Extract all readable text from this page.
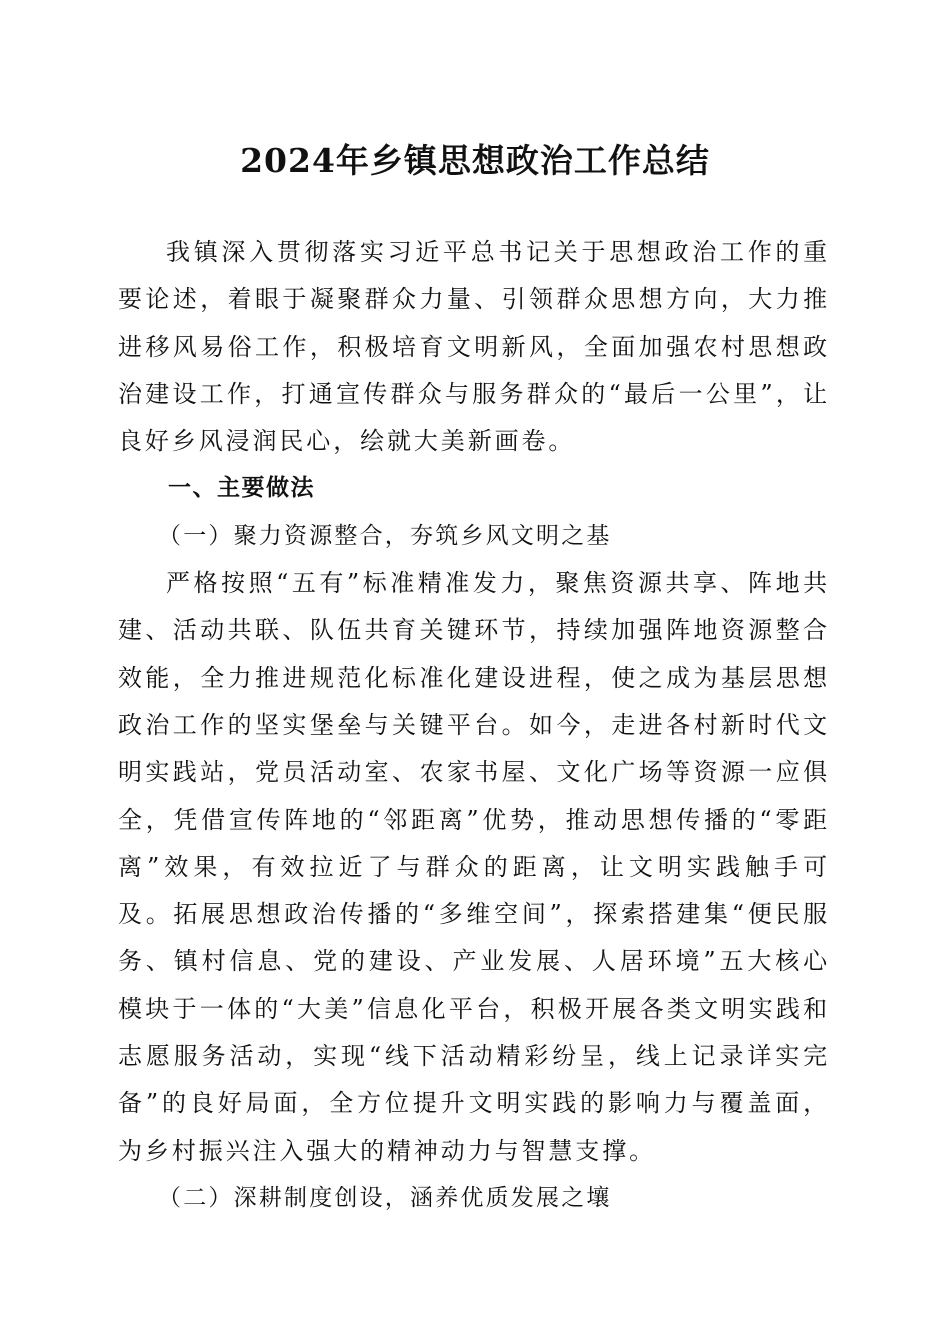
2024年乡镇思想政治工作总结

我镇深入贯彻落实习近平总书记关于思想政治工作的重要论述，着眼于凝聚群众力量、引领群众思想方向，大力推进移风易俗工作，积极培育文明新风，全面加强农村思想政治建设工作，打通宣传群众与服务群众的“最后一公里”，让良好乡风浸润民心，绘就大美新画卷。

一、主要做法

（一）聚力资源整合，夯筑乡风文明之基

严格按照“五有”标准精准发力，聚焦资源共享、阵地共建、活动共联、队伍共育关键环节，持续加强阵地资源整合效能，全力推进规范化标准化建设进程，使之成为基层思想政治工作的坚实堡垒与关键平台。如今，走进各村新时代文明实践站，党员活动室、农家书屋、文化广场等资源一应俱全，凭借宣传阵地的“邻距离”优势，推动思想传播的“零距离”效果，有效拉近了与群众的距离，让文明实践触手可及。拓展思想政治传播的“多维空间”，探索搭建集“便民服务、镇村信息、党的建设、产业发展、人居环境”五大核心模块于一体的“大美”信息化平台，积极开展各类文明实践和志愿服务活动，实现“线下活动精彩纷呈，线上记录详实完备”的良好局面，全方位提升文明实践的影响力与覆盖面，为乡村振兴注入强大的精神动力与智慧支撑。

（二）深耕制度创设，涵养优质发展之壤
